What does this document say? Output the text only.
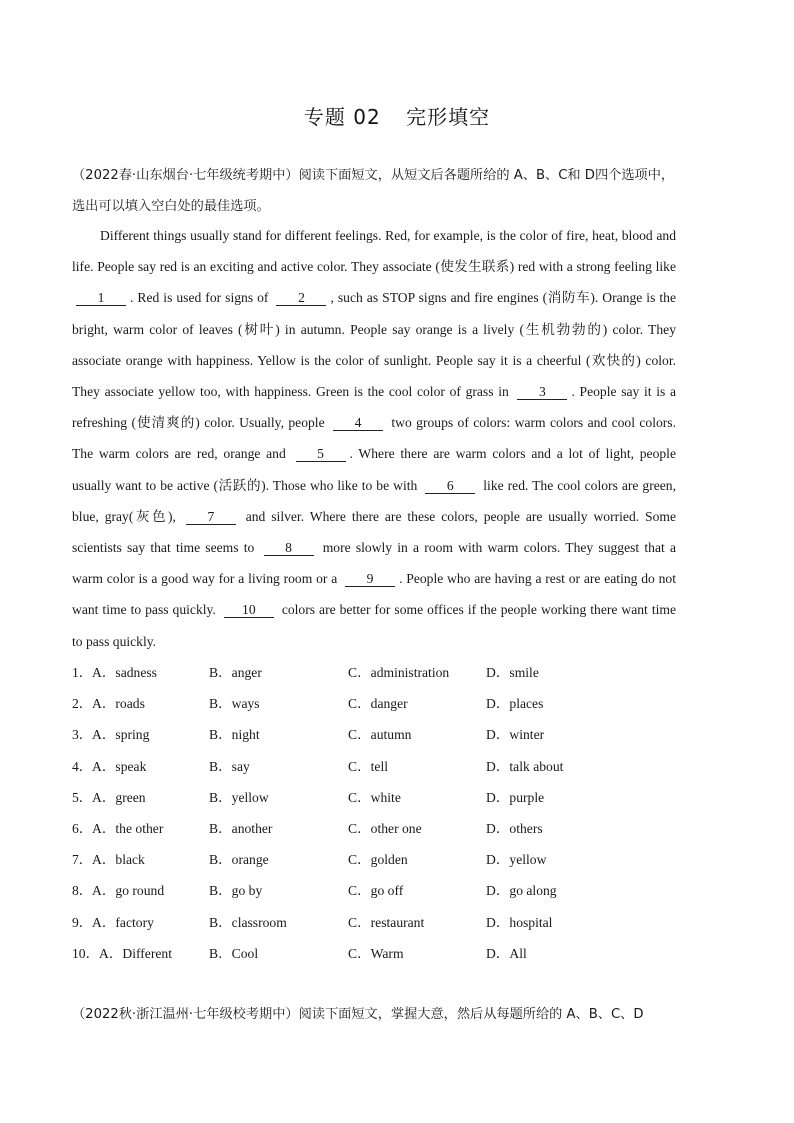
专题 02 完形填空
（2022春·山东烟台·七年级统考期中）阅读下面短文，从短文后各题所给的 A、B、C和 D四个选项中，选出可以填入空白处的最佳选项。
Different things usually stand for different feelings. Red, for example, is the color of fire, heat, blood and life. People say red is an exciting and active color. They associate (使发生联系) red with a strong feeling like 1 . Red is used for signs of 2 , such as STOP signs and fire engines (消防车). Orange is the bright, warm color of leaves (树叶) in autumn. People say orange is a lively (生机勃勃的) color. They associate orange with happiness. Yellow is the color of sunlight. People say it is a cheerful (欢快的) color. They associate yellow too, with happiness. Green is the cool color of grass in 3 . People say it is a refreshing (使清爽的) color. Usually, people 4 two groups of colors: warm colors and cool colors. The warm colors are red, orange and 5 . Where there are warm colors and a lot of light, people usually want to be active (活跃的). Those who like to be with 6 like red. The cool colors are green, blue, gray(灰色), 7 and silver. Where there are these colors, people are usually worried. Some scientists say that time seems to 8 more slowly in a room with warm colors. They suggest that a warm color is a good way for a living room or a 9 . People who are having a rest or are eating do not want time to pass quickly. 10 colors are better for some offices if the people working there want time to pass quickly.
1． A．sadness	B．anger	C．administration	D．smile
2． A．roads	B．ways	C．danger	D．places
3． A．spring	B．night	C．autumn	D．winter
4． A．speak	B．say	C．tell	D．talk about
5． A．green	B．yellow	C．white	D．purple
6． A．the other	B．another	C．other one	D．others
7． A．black	B．orange	C．golden	D．yellow
8． A．go round	B．go by	C．go off	D．go along
9． A．factory	B．classroom	C．restaurant	D．hospital
10． A．Different	B．Cool	C．Warm	D．All
（2022秋·浙江温州·七年级校考期中）阅读下面短文，掌握大意，然后从每题所给的 A、B、C、D
